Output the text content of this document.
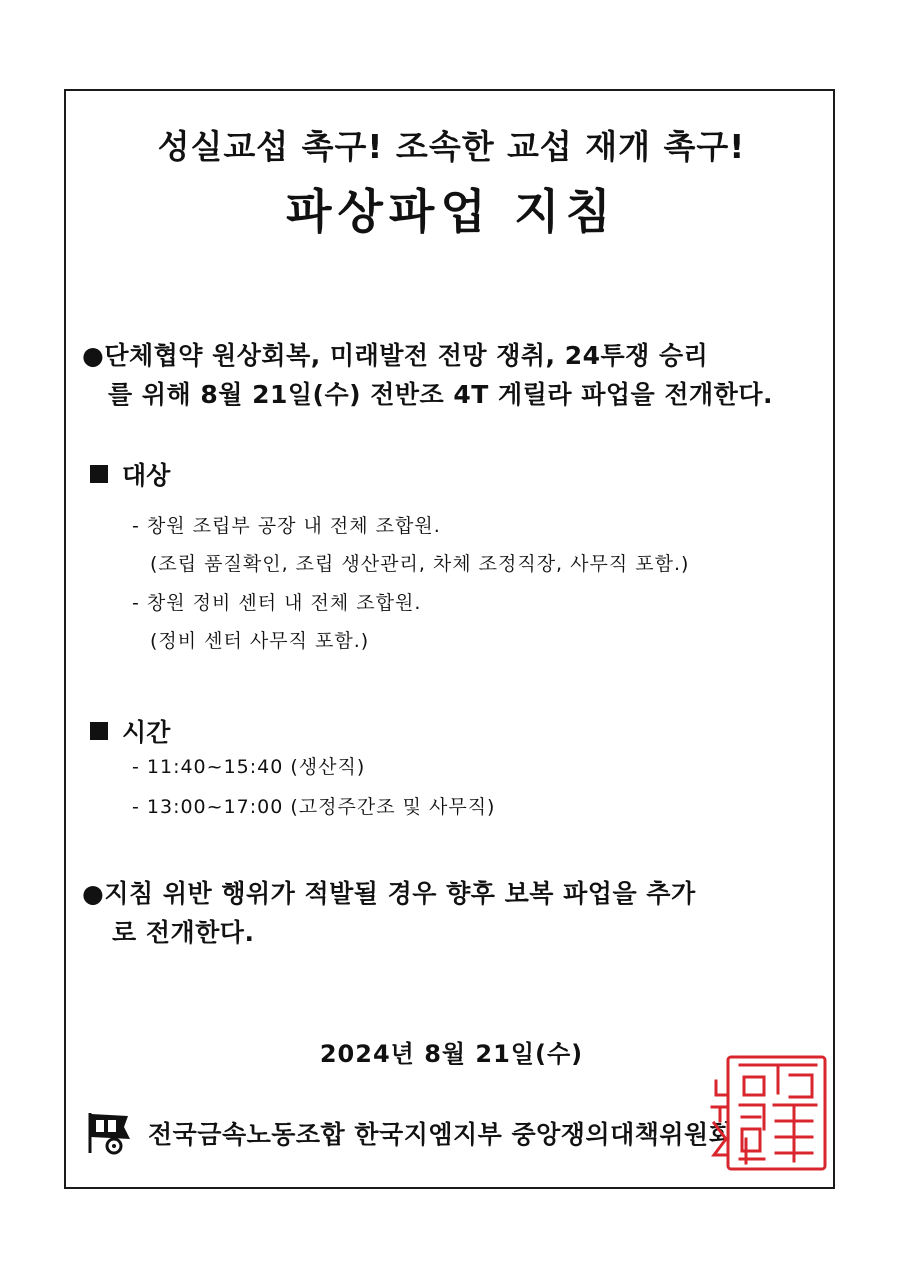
성실교섭 촉구! 조속한 교섭 재개 촉구!
파상파업 지침
●단체협약 원상회복, 미래발전 전망 쟁취, 24투쟁 승리
를 위해 8월 21일(수) 전반조 4T 게릴라 파업을 전개한다.
대상
- 창원 조립부 공장 내 전체 조합원.
(조립 품질확인, 조립 생산관리, 차체 조정직장, 사무직 포함.)
- 창원 정비 센터 내 전체 조합원.
(정비 센터 사무직 포함.)
시간
- 11:40~15:40 (생산직)
- 13:00~17:00 (고정주간조 및 사무직)
●지침 위반 행위가 적발될 경우 향후 보복 파업을 추가
로 전개한다.
2024년 8월 21일(수)
전국금속노동조합 한국지엠지부 중앙쟁의대책위원회
